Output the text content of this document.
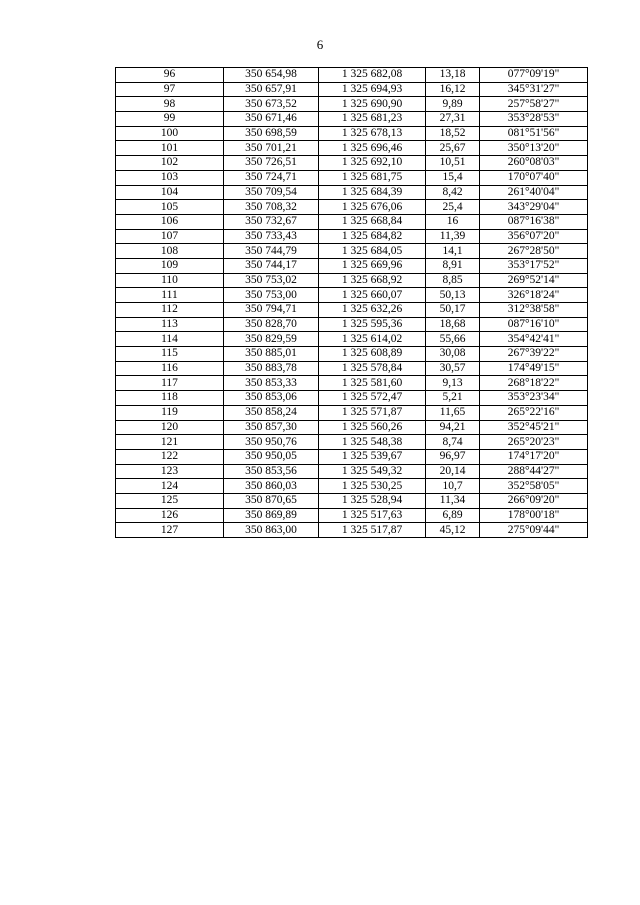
6
96	350 654,98	1 325 682,08	13,18	077°09'19"
97	350 657,91	1 325 694,93	16,12	345°31'27"
98	350 673,52	1 325 690,90	9,89	257°58'27"
99	350 671,46	1 325 681,23	27,31	353°28'53"
100	350 698,59	1 325 678,13	18,52	081°51'56"
101	350 701,21	1 325 696,46	25,67	350°13'20"
102	350 726,51	1 325 692,10	10,51	260°08'03"
103	350 724,71	1 325 681,75	15,4	170°07'40"
104	350 709,54	1 325 684,39	8,42	261°40'04"
105	350 708,32	1 325 676,06	25,4	343°29'04"
106	350 732,67	1 325 668,84	16	087°16'38"
107	350 733,43	1 325 684,82	11,39	356°07'20"
108	350 744,79	1 325 684,05	14,1	267°28'50"
109	350 744,17	1 325 669,96	8,91	353°17'52"
110	350 753,02	1 325 668,92	8,85	269°52'14"
111	350 753,00	1 325 660,07	50,13	326°18'24"
112	350 794,71	1 325 632,26	50,17	312°38'58"
113	350 828,70	1 325 595,36	18,68	087°16'10"
114	350 829,59	1 325 614,02	55,66	354°42'41"
115	350 885,01	1 325 608,89	30,08	267°39'22"
116	350 883,78	1 325 578,84	30,57	174°49'15"
117	350 853,33	1 325 581,60	9,13	268°18'22"
118	350 853,06	1 325 572,47	5,21	353°23'34"
119	350 858,24	1 325 571,87	11,65	265°22'16"
120	350 857,30	1 325 560,26	94,21	352°45'21"
121	350 950,76	1 325 548,38	8,74	265°20'23"
122	350 950,05	1 325 539,67	96,97	174°17'20"
123	350 853,56	1 325 549,32	20,14	288°44'27"
124	350 860,03	1 325 530,25	10,7	352°58'05"
125	350 870,65	1 325 528,94	11,34	266°09'20"
126	350 869,89	1 325 517,63	6,89	178°00'18"
127	350 863,00	1 325 517,87	45,12	275°09'44"
